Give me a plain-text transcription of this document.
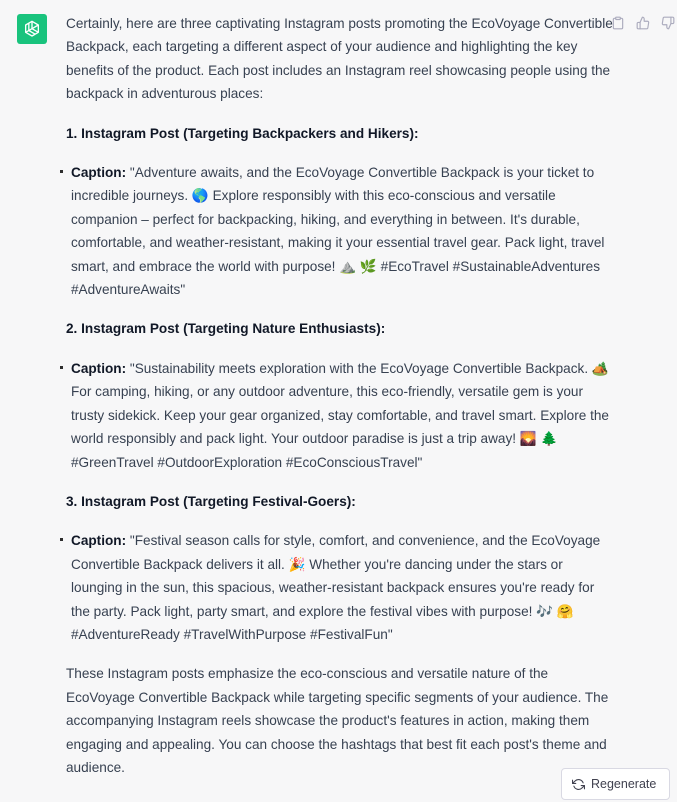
Certainly, here are three captivating Instagram posts promoting the EcoVoyage Convertible Backpack, each targeting a different aspect of your audience and highlighting the key benefits of the product. Each post includes an Instagram reel showcasing people using the backpack in adventurous places:

1. Instagram Post (Targeting Backpackers and Hikers):

Caption: "Adventure awaits, and the EcoVoyage Convertible Backpack is your ticket to incredible journeys. 🌎 Explore responsibly with this eco-conscious and versatile companion – perfect for backpacking, hiking, and everything in between. It's durable, comfortable, and weather-resistant, making it your essential travel gear. Pack light, travel smart, and embrace the world with purpose! ⛰️ 🌿 #EcoTravel #SustainableAdventures #AdventureAwaits"

2. Instagram Post (Targeting Nature Enthusiasts):

Caption: "Sustainability meets exploration with the EcoVoyage Convertible Backpack. 🏕️ For camping, hiking, or any outdoor adventure, this eco-friendly, versatile gem is your trusty sidekick. Keep your gear organized, stay comfortable, and travel smart. Explore the world responsibly and pack light. Your outdoor paradise is just a trip away! 🌄 🌲 #GreenTravel #OutdoorExploration #EcoConsciousTravel"

3. Instagram Post (Targeting Festival-Goers):

Caption: "Festival season calls for style, comfort, and convenience, and the EcoVoyage Convertible Backpack delivers it all. 🎉 Whether you're dancing under the stars or lounging in the sun, this spacious, weather-resistant backpack ensures you're ready for the party. Pack light, party smart, and explore the festival vibes with purpose! 🎶 🤗 #AdventureReady #TravelWithPurpose #FestivalFun"

These Instagram posts emphasize the eco-conscious and versatile nature of the EcoVoyage Convertible Backpack while targeting specific segments of your audience. The accompanying Instagram reels showcase the product's features in action, making them engaging and appealing. You can choose the hashtags that best fit each post's theme and audience.

Regenerate
